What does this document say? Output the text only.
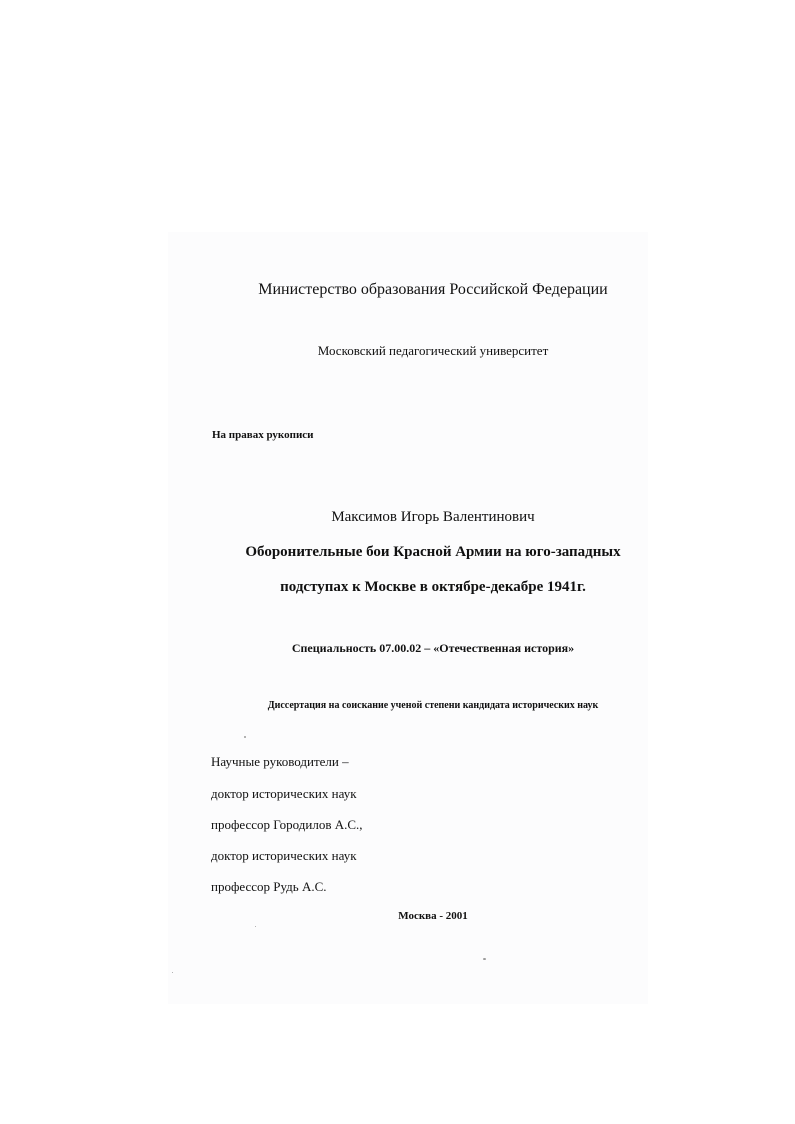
Министерство образования Российской Федерации
Московский педагогический университет
На правах рукописи
Максимов Игорь Валентинович
Оборонительные бои Красной Армии на юго-западных
подступах к Москве в октябре-декабре 1941г.
Специальность 07.00.02 – «Отечественная история»
Диссертация на соискание ученой степени кандидата исторических наук
Научные руководители –
доктор исторических наук
профессор Городилов А.С.,
доктор исторических наук
профессор Рудь А.С.
Москва - 2001
